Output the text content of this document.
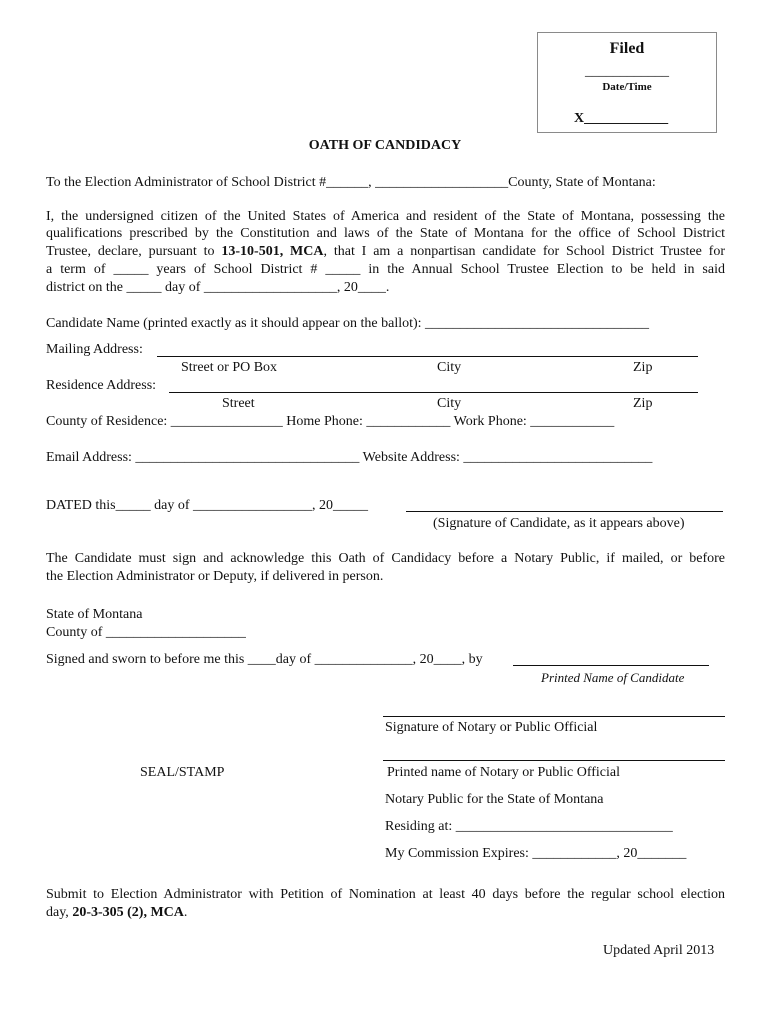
Filed
____________
Date/Time
X____________
OATH OF CANDIDACY
To the Election Administrator of School District #______, ___________________County, State of Montana:
I, the undersigned citizen of the United States of America and resident of the State of Montana, possessing the
qualifications prescribed by the Constitution and laws of the State of Montana for the office of School District
Trustee, declare, pursuant to 13-10-501, MCA, that I am a nonpartisan candidate for School District Trustee for
a term of _____ years of School District # _____ in the Annual School Trustee Election to be held in said
district on the _____ day of ___________________, 20____.
Candidate Name (printed exactly as it should appear on the ballot): ________________________________
Mailing Address:
Street or PO Box	City	Zip
Residence Address:
Street	City	Zip
County of Residence: ________________ Home Phone: ____________ Work Phone: ____________
Email Address: ________________________________ Website Address: ___________________________
DATED this_____ day of _________________, 20_____
(Signature of Candidate, as it appears above)
The Candidate must sign and acknowledge this Oath of Candidacy before a Notary Public, if mailed, or before
the Election Administrator or Deputy, if delivered in person.
State of Montana
County of ____________________
Signed and sworn to before me this ____day of ______________, 20____, by
Printed Name of Candidate
Signature of Notary or Public Official
SEAL/STAMP	Printed name of Notary or Public Official
Notary Public for the State of Montana
Residing at: _______________________________
My Commission Expires: ____________, 20_______
Submit to Election Administrator with Petition of Nomination at least 40 days before the regular school election
day, 20-3-305 (2), MCA.
Updated April 2013
